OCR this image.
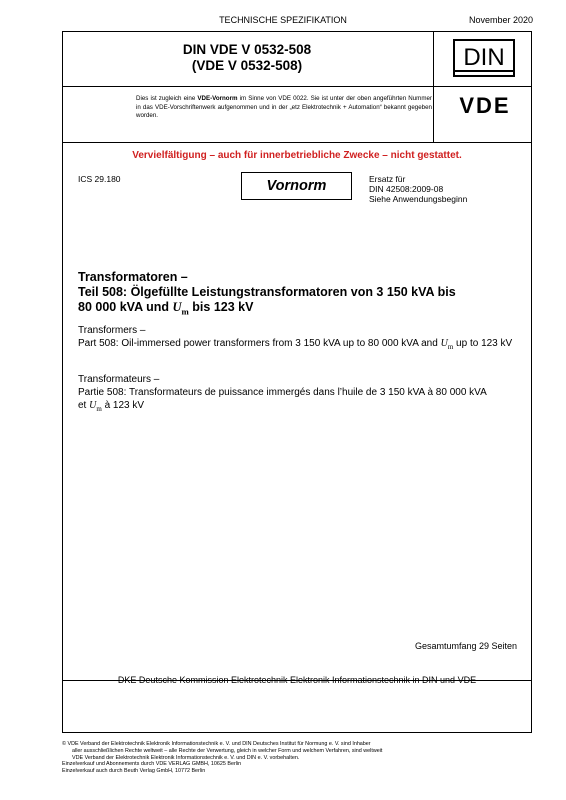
TECHNISCHE SPEZIFIKATION	November 2020
DIN VDE V 0532-508
(VDE V 0532-508)	DIN
Dies ist zugleich eine VDE-Vornorm im Sinne von VDE 0022. Sie ist unter der oben angeführten Nummer in das VDE-Vorschriftenwerk aufgenommen und in der „etz Elektrotechnik + Automation“ bekannt gegeben worden.	VDE
Vervielfältigung – auch für innerbetriebliche Zwecke – nicht gestattet.
ICS 29.180	Vornorm	Ersatz für
DIN 42508:2009-08
Siehe Anwendungsbeginn
Transformatoren –
Teil 508: Ölgefüllte Leistungstransformatoren von 3 150 kVA bis
80 000 kVA und $U_m$ bis 123 kV
Transformers –
Part 508: Oil-immersed power transformers from 3 150 kVA up to 80 000 kVA and $U_m$ up to 123 kV
Transformateurs –
Partie 508: Transformateurs de puissance immergés dans l’huile de 3 150 kVA à 80 000 kVA
et $U_m$ à 123 kV
Gesamtumfang 29 Seiten
DKE Deutsche Kommission Elektrotechnik Elektronik Informationstechnik in DIN und VDE
© VDE Verband der Elektrotechnik Elektronik Informationstechnik e. V. und DIN Deutsches Institut für Normung e. V. sind Inhaber
aller ausschließlichen Rechte weltweit – alle Rechte der Verwertung, gleich in welcher Form und welchem Verfahren, sind weltweit
VDE Verband der Elektrotechnik Elektronik Informationstechnik e. V. und DIN e. V. vorbehalten.
Einzelverkauf und Abonnements durch VDE VERLAG GMBH, 10625 Berlin
Einzelverkauf auch durch Beuth Verlag GmbH, 10772 Berlin
